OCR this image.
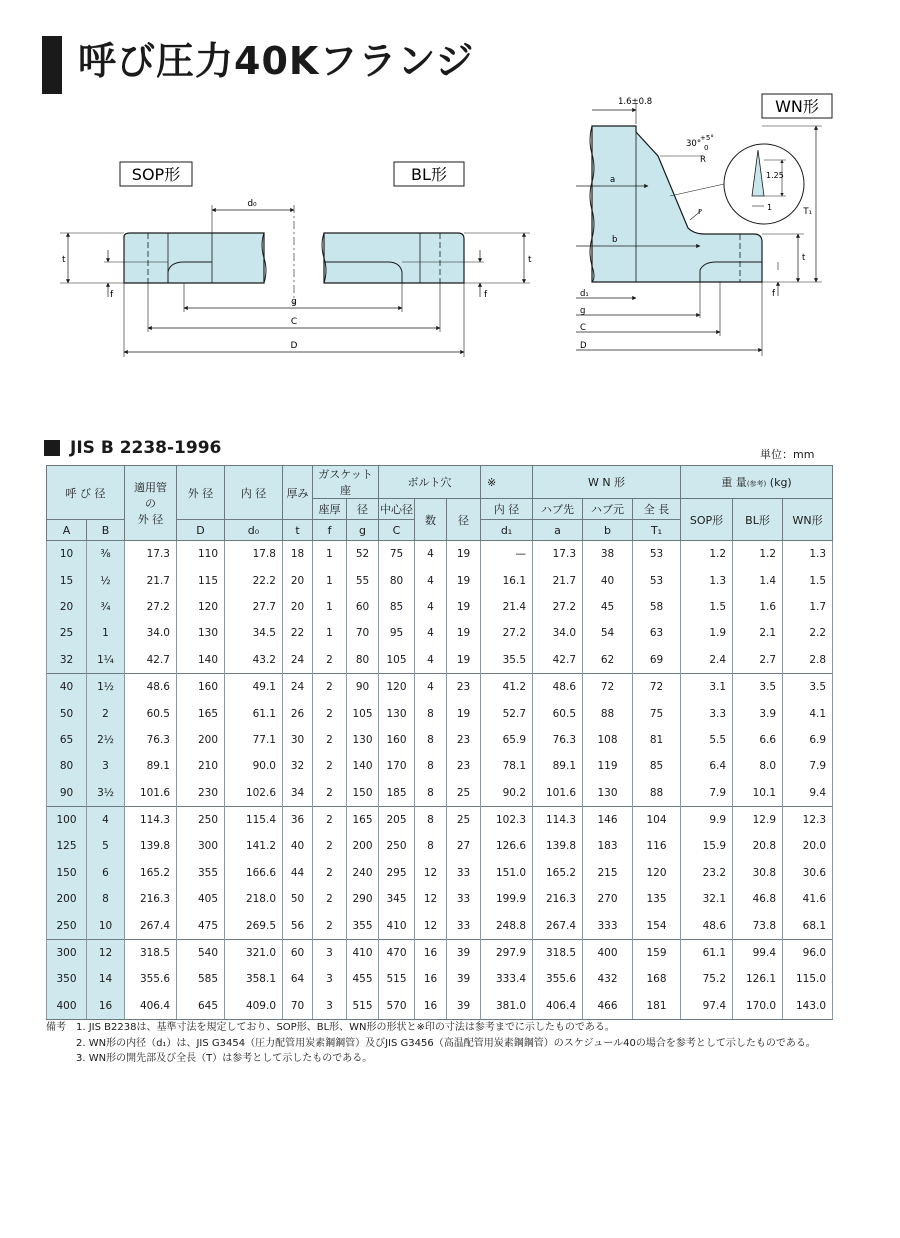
呼び圧力40Kフランジ
SOP形	BL形
d₀
g
C
D
t
f
t
f
WN形
1.6±0.8
30°
+5°
0
R
a
r
b
T₁
t
f
d₁
g
C
D
1.25
1
JIS B 2238-1996	単位：mm
呼 び 径		適用管
の
外 径	外 径	内 径	厚み	ガスケット座		ボルト穴			※	W N 形			重 量(参考) (kg)		
						座厚	径	中心径	数	径	内 径	ハブ先	ハブ元	全 長	SOP形	BL形	WN形
A	B		D	d₀	t	f	g	C			d₁	a	b	T₁			
10	⅜	17.3	110	17.8	18	1	52	75	4	19	—	17.3	38	53	1.2	1.2	1.3
15	½	21.7	115	22.2	20	1	55	80	4	19	16.1	21.7	40	53	1.3	1.4	1.5
20	¾	27.2	120	27.7	20	1	60	85	4	19	21.4	27.2	45	58	1.5	1.6	1.7
25	1	34.0	130	34.5	22	1	70	95	4	19	27.2	34.0	54	63	1.9	2.1	2.2
32	1¼	42.7	140	43.2	24	2	80	105	4	19	35.5	42.7	62	69	2.4	2.7	2.8
40	1½	48.6	160	49.1	24	2	90	120	4	23	41.2	48.6	72	72	3.1	3.5	3.5
50	2	60.5	165	61.1	26	2	105	130	8	19	52.7	60.5	88	75	3.3	3.9	4.1
65	2½	76.3	200	77.1	30	2	130	160	8	23	65.9	76.3	108	81	5.5	6.6	6.9
80	3	89.1	210	90.0	32	2	140	170	8	23	78.1	89.1	119	85	6.4	8.0	7.9
90	3½	101.6	230	102.6	34	2	150	185	8	25	90.2	101.6	130	88	7.9	10.1	9.4
100	4	114.3	250	115.4	36	2	165	205	8	25	102.3	114.3	146	104	9.9	12.9	12.3
125	5	139.8	300	141.2	40	2	200	250	8	27	126.6	139.8	183	116	15.9	20.8	20.0
150	6	165.2	355	166.6	44	2	240	295	12	33	151.0	165.2	215	120	23.2	30.8	30.6
200	8	216.3	405	218.0	50	2	290	345	12	33	199.9	216.3	270	135	32.1	46.8	41.6
250	10	267.4	475	269.5	56	2	355	410	12	33	248.8	267.4	333	154	48.6	73.8	68.1
300	12	318.5	540	321.0	60	3	410	470	16	39	297.9	318.5	400	159	61.1	99.4	96.0
350	14	355.6	585	358.1	64	3	455	515	16	39	333.4	355.6	432	168	75.2	126.1	115.0
400	16	406.4	645	409.0	70	3	515	570	16	39	381.0	406.4	466	181	97.4	170.0	143.0
備考 1. JIS B2238は、基準寸法を規定しており、SOP形、BL形、WN形の形状と※印の寸法は参考までに示したものである。
2. WN形の内径（d₁）は、JIS G3454（圧力配管用炭素鋼鋼管）及びJIS G3456（高温配管用炭素鋼鋼管）のスケジュール40の場合を参考として示したものである。
3. WN形の開先部及び全長（T）は参考として示したものである。
